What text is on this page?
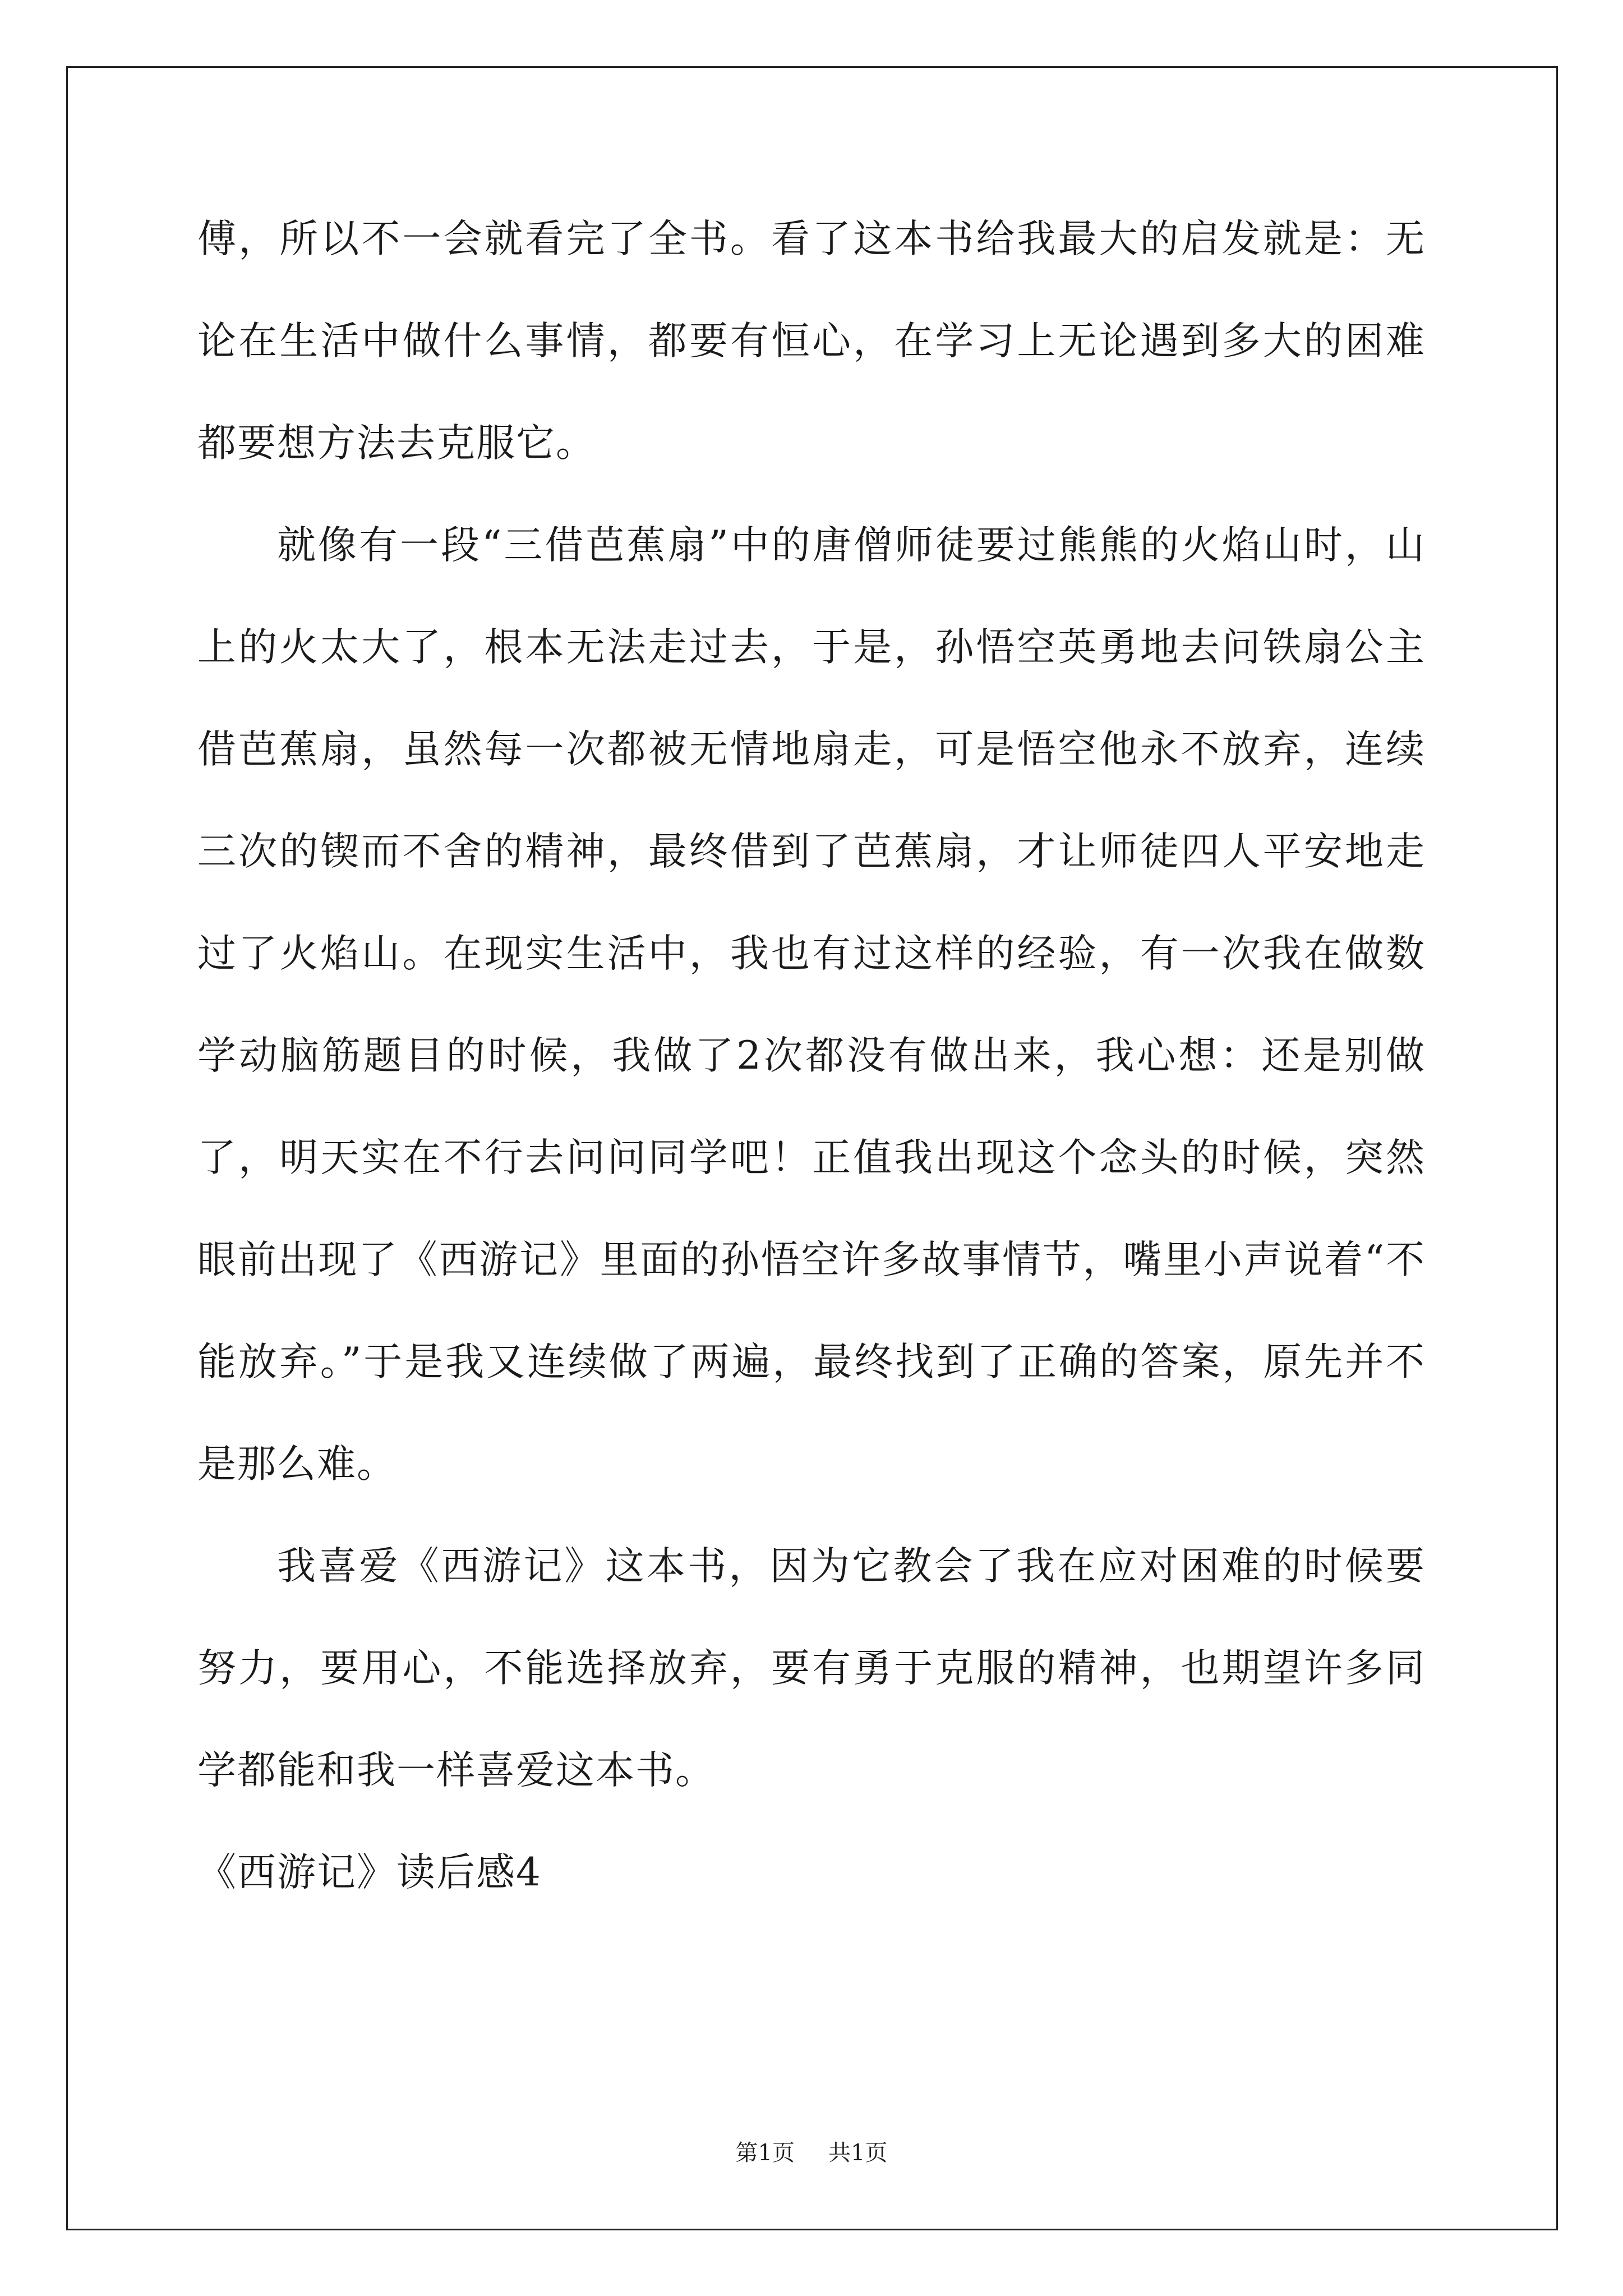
傅，所以不一会就看完了全书。看了这本书给我最大的启发就是：无论在生活中做什么事情，都要有恒心，在学习上无论遇到多大的困难都要想方法去克服它。

就像有一段“三借芭蕉扇”中的唐僧师徒要过熊熊的火焰山时，山上的火太大了，根本无法走过去，于是，孙悟空英勇地去问铁扇公主借芭蕉扇，虽然每一次都被无情地扇走，可是悟空他永不放弃，连续三次的锲而不舍的精神，最终借到了芭蕉扇，才让师徒四人平安地走过了火焰山。在现实生活中，我也有过这样的经验，有一次我在做数学动脑筋题目的时候，我做了2次都没有做出来，我心想：还是别做了，明天实在不行去问问同学吧！正值我出现这个念头的时候，突然眼前出现了《西游记》里面的孙悟空许多故事情节，嘴里小声说着“不能放弃。”于是我又连续做了两遍，最终找到了正确的答案，原先并不是那么难。

我喜爱《西游记》这本书，因为它教会了我在应对困难的时候要努力，要用心，不能选择放弃，要有勇于克服的精神，也期望许多同学都能和我一样喜爱这本书。

《西游记》读后感4

第1页 共1页
